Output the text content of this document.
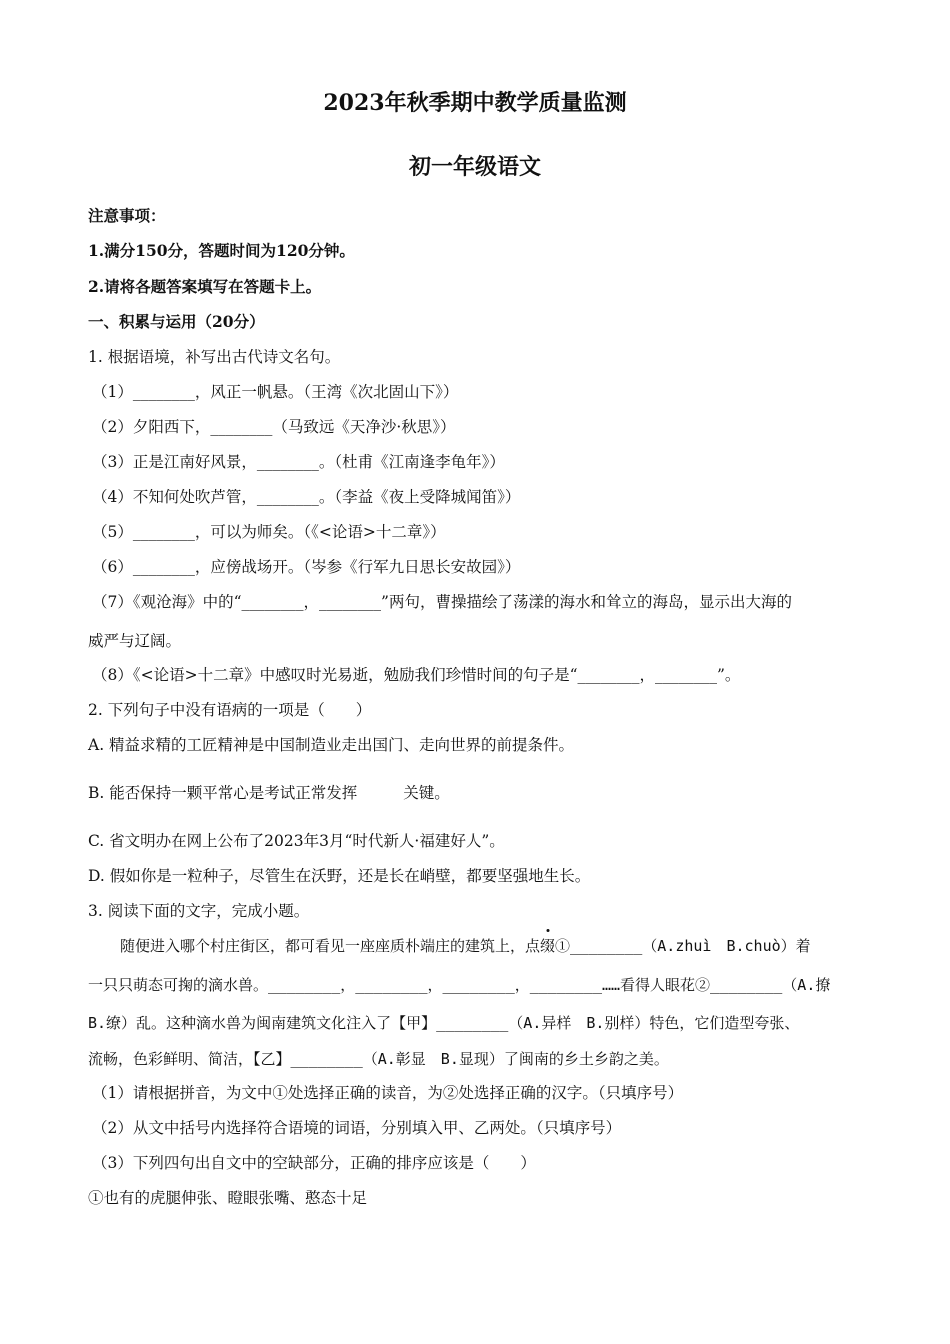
2023年秋季期中教学质量监测
初一年级语文
注意事项：
1.满分150分，答题时间为120分钟。
2.请将各题答案填写在答题卡上。
一、积累与运用（20分）
1. 根据语境，补写出古代诗文名句。
（1）________，风正一帆悬。（王湾《次北固山下》）
（2）夕阳西下，________（马致远《天净沙·秋思》）
（3）正是江南好风景，________。（杜甫《江南逢李龟年》）
（4）不知何处吹芦管，________。（李益《夜上受降城闻笛》）
（5）________，可以为师矣。（《<论语>十二章》）
（6）________，应傍战场开。（岑参《行军九日思长安故园》）
（7）《观沧海》中的“________，________”两句，曹操描绘了荡漾的海水和耸立的海岛，显示出大海的
威严与辽阔。
（8）《<论语>十二章》中感叹时光易逝，勉励我们珍惜时间的句子是“________，________”。
2. 下列句子中没有语病的一项是（　　）
A. 精益求精的工匠精神是中国制造业走出国门、走向世界的前提条件。
B. 能否保持一颗平常心是考试正常发挥	关键。
C. 省文明办在网上公布了2023年3月“时代新人·福建好人”。
D. 假如你是一粒种子，尽管生在沃野，还是长在峭壁，都要坚强地生长。
3. 阅读下面的文字，完成小题。
随便进入哪个村庄街区，都可看见一座座质朴端庄的建筑上，点
缀①________（A.zhuì　B.chuò）着
一只只萌态可掬的滴水兽。________，________，________，________……看得人眼花②________（A.撩
B.缭）乱。这种滴水兽为闽南建筑文化注入了【甲】________（A.异样　B.别样）特色，它们造型夸张、
流畅，色彩鲜明、简洁，【乙】________（A.彰显　B.显现）了闽南的乡土乡韵之美。
（1）请根据拼音，为文中①处选择正确的读音，为②处选择正确的汉字。（只填序号）
（2）从文中括号内选择符合语境的词语，分别填入甲、乙两处。（只填序号）
（3）下列四句出自文中的空缺部分，正确的排序应该是（　　）
①也有的虎腿伸张、瞪眼张嘴、憨态十足
